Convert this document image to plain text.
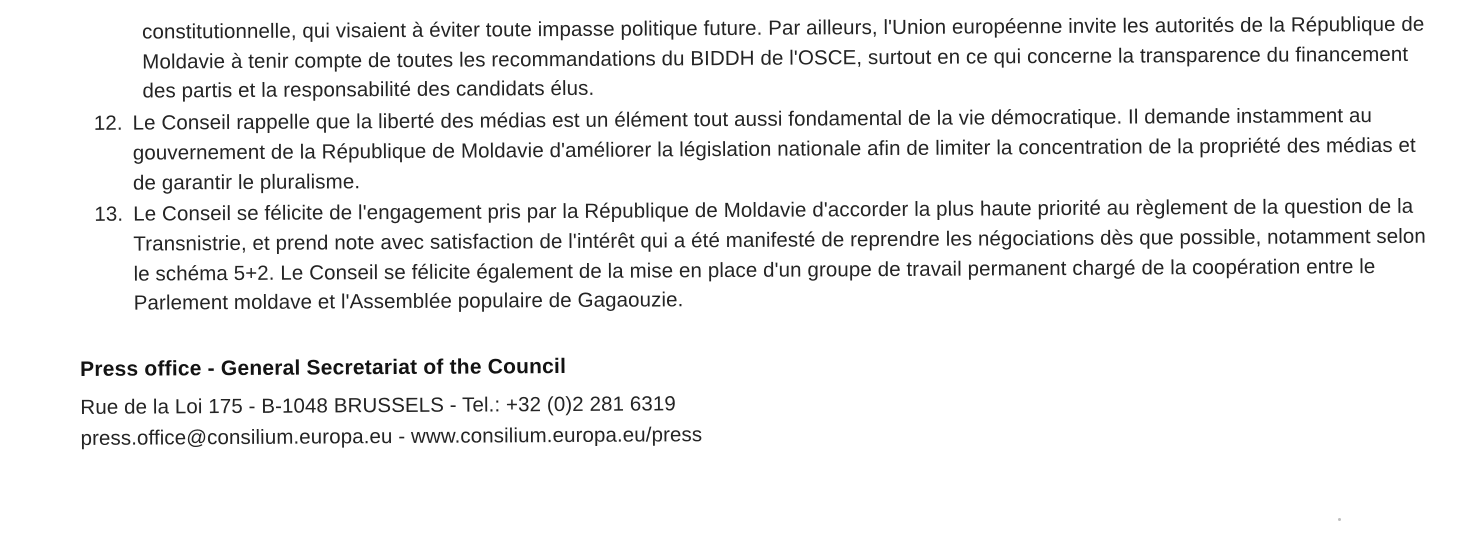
constitutionnelle, qui visaient à éviter toute impasse politique future. Par ailleurs, l'Union européenne invite les autorités de la République de Moldavie à tenir compte de toutes les recommandations du BIDDH de l'OSCE, surtout en ce qui concerne la transparence du financement des partis et la responsabilité des candidats élus.
12. Le Conseil rappelle que la liberté des médias est un élément tout aussi fondamental de la vie démocratique. Il demande instamment au gouvernement de la République de Moldavie d'améliorer la législation nationale afin de limiter la concentration de la propriété des médias et de garantir le pluralisme.
13. Le Conseil se félicite de l'engagement pris par la République de Moldavie d'accorder la plus haute priorité au règlement de la question de la Transnistrie, et prend note avec satisfaction de l'intérêt qui a été manifesté de reprendre les négociations dès que possible, notamment selon le schéma 5+2. Le Conseil se félicite également de la mise en place d'un groupe de travail permanent chargé de la coopération entre le Parlement moldave et l'Assemblée populaire de Gagaouzie.
Press office - General Secretariat of the Council
Rue de la Loi 175 - B-1048 BRUSSELS - Tel.: +32 (0)2 281 6319
press.office@consilium.europa.eu - www.consilium.europa.eu/press
